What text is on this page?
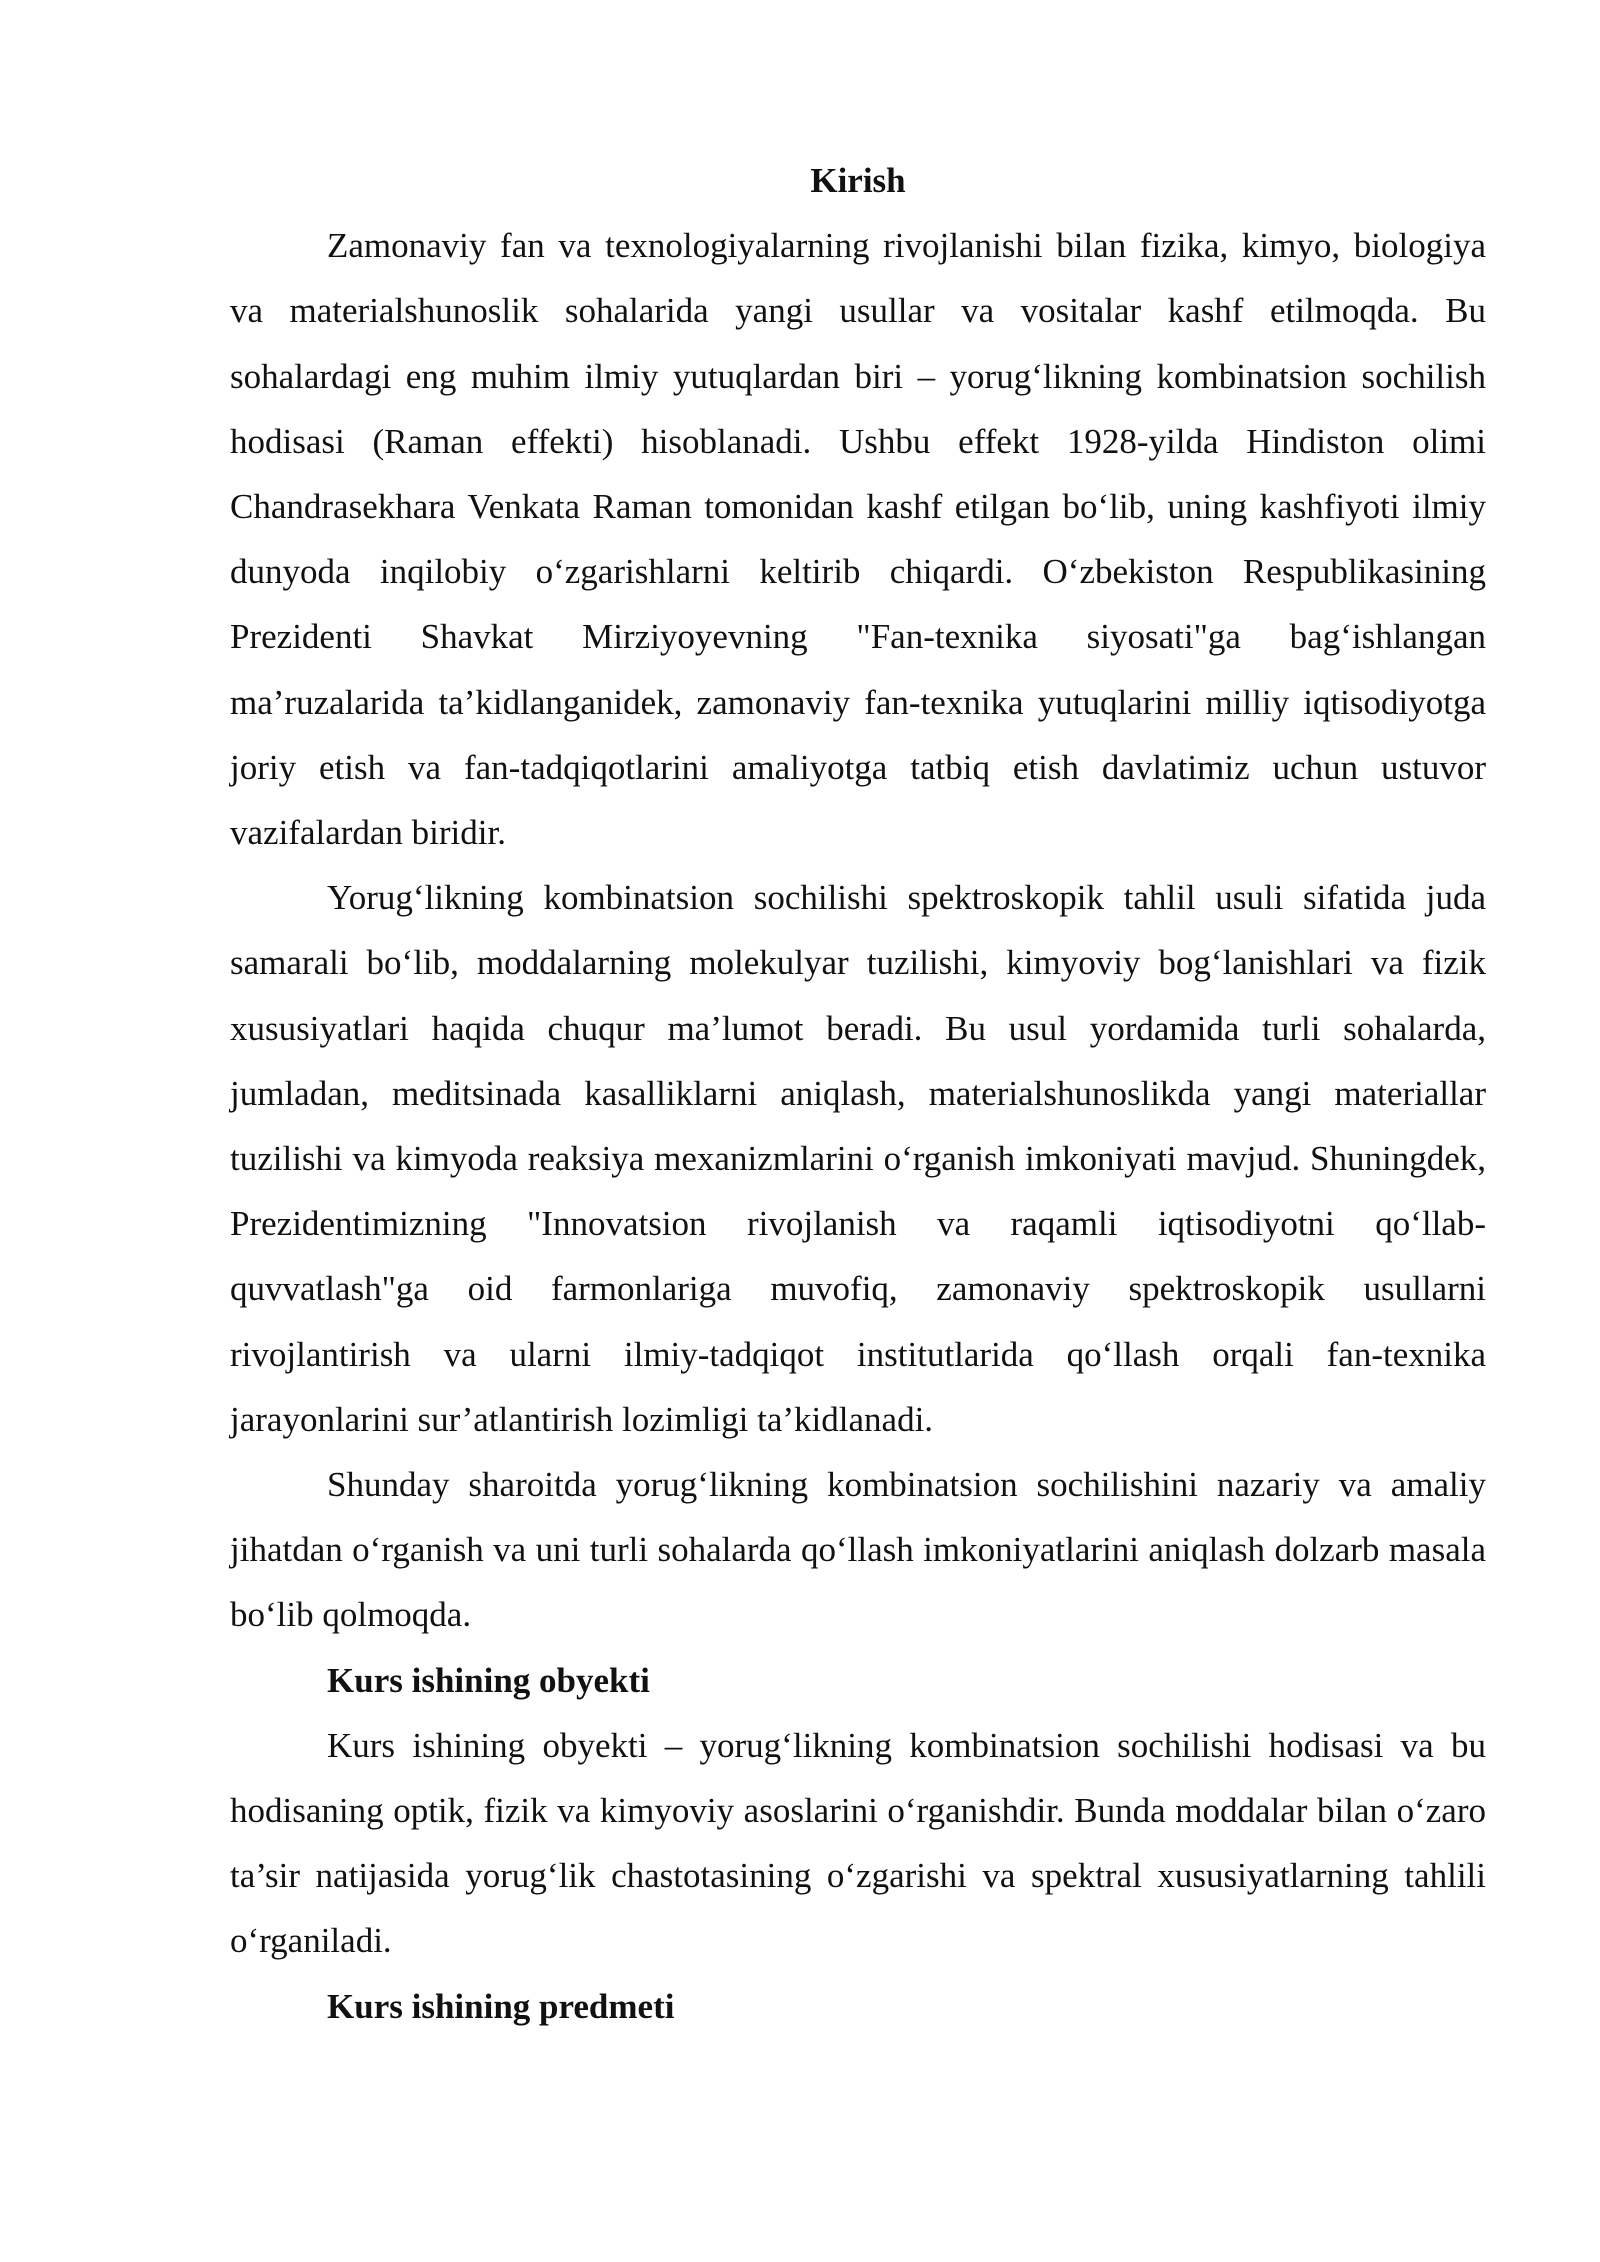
Kirish

Zamonaviy fan va texnologiyalarning rivojlanishi bilan fizika, kimyo, biologiya va materialshunoslik sohalarida yangi usullar va vositalar kashf etilmoqda. Bu sohalardagi eng muhim ilmiy yutuqlardan biri – yorug‘likning kombinatsion sochilish hodisasi (Raman effekti) hisoblanadi. Ushbu effekt 1928-yilda Hindiston olimi Chandrasekhara Venkata Raman tomonidan kashf etilgan bo‘lib, uning kashfiyoti ilmiy dunyoda inqilobiy o‘zgarishlarni keltirib chiqardi. O‘zbekiston Respublikasining Prezidenti Shavkat Mirziyoyevning "Fan-texnika siyosati"ga bag‘ishlangan ma’ruzalarida ta’kidlanganidek, zamonaviy fan-texnika yutuqlarini milliy iqtisodiyotga joriy etish va fan-tadqiqotlarini amaliyotga tatbiq etish davlatimiz uchun ustuvor vazifalardan biridir.

Yorug‘likning kombinatsion sochilishi spektroskopik tahlil usuli sifatida juda samarali bo‘lib, moddalarning molekulyar tuzilishi, kimyoviy bog‘lanishlari va fizik xususiyatlari haqida chuqur ma’lumot beradi. Bu usul yordamida turli sohalarda, jumladan, meditsinada kasalliklarni aniqlash, materialshunoslikda yangi materiallar tuzilishi va kimyoda reaksiya mexanizmlarini o‘rganish imkoniyati mavjud. Shuningdek, Prezidentimizning "Innovatsion rivojlanish va raqamli iqtisodiyotni qo‘llab-quvvatlash"ga oid farmonlariga muvofiq, zamonaviy spektroskopik usullarni rivojlantirish va ularni ilmiy-tadqiqot institutlarida qo‘llash orqali fan-texnika jarayonlarini sur’atlantirish lozimligi ta’kidlanadi.

Shunday sharoitda yorug‘likning kombinatsion sochilishini nazariy va amaliy jihatdan o‘rganish va uni turli sohalarda qo‘llash imkoniyatlarini aniqlash dolzarb masala bo‘lib qolmoqda.

Kurs ishining obyekti

Kurs ishining obyekti – yorug‘likning kombinatsion sochilishi hodisasi va bu hodisaning optik, fizik va kimyoviy asoslarini o‘rganishdir. Bunda moddalar bilan o‘zaro ta’sir natijasida yorug‘lik chastotasining o‘zgarishi va spektral xususiyatlarning tahlili o‘rganiladi.

Kurs ishining predmeti
